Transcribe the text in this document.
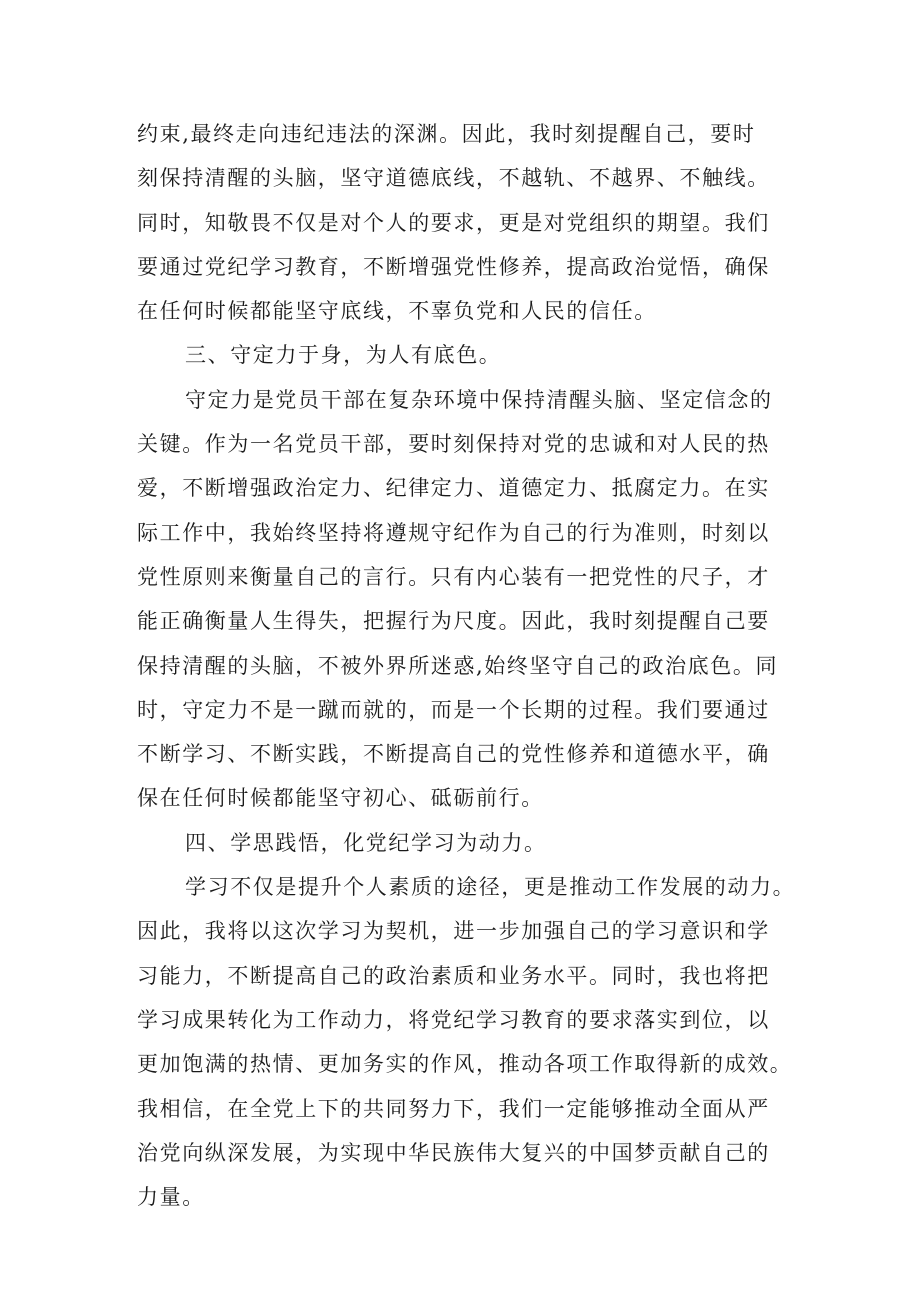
约束,最终走向违纪违法的深渊。因此，我时刻提醒自己，要时
刻保持清醒的头脑，坚守道德底线，不越轨、不越界、不触线。
同时，知敬畏不仅是对个人的要求，更是对党组织的期望。我们
要通过党纪学习教育，不断增强党性修养，提高政治觉悟，确保
在任何时候都能坚守底线，不辜负党和人民的信任。
三、守定力于身，为人有底色。
守定力是党员干部在复杂环境中保持清醒头脑、坚定信念的
关键。作为一名党员干部，要时刻保持对党的忠诚和对人民的热
爱，不断增强政治定力、纪律定力、道德定力、抵腐定力。在实
际工作中，我始终坚持将遵规守纪作为自己的行为准则，时刻以
党性原则来衡量自己的言行。只有内心装有一把党性的尺子，才
能正确衡量人生得失，把握行为尺度。因此，我时刻提醒自己要
保持清醒的头脑，不被外界所迷惑,始终坚守自己的政治底色。同
时，守定力不是一蹴而就的，而是一个长期的过程。我们要通过
不断学习、不断实践，不断提高自己的党性修养和道德水平，确
保在任何时候都能坚守初心、砥砺前行。
四、学思践悟，化党纪学习为动力。
学习不仅是提升个人素质的途径，更是推动工作发展的动力。
因此，我将以这次学习为契机，进一步加强自己的学习意识和学
习能力，不断提高自己的政治素质和业务水平。同时，我也将把
学习成果转化为工作动力，将党纪学习教育的要求落实到位，以
更加饱满的热情、更加务实的作风，推动各项工作取得新的成效。
我相信，在全党上下的共同努力下，我们一定能够推动全面从严
治党向纵深发展，为实现中华民族伟大复兴的中国梦贡献自己的
力量。
